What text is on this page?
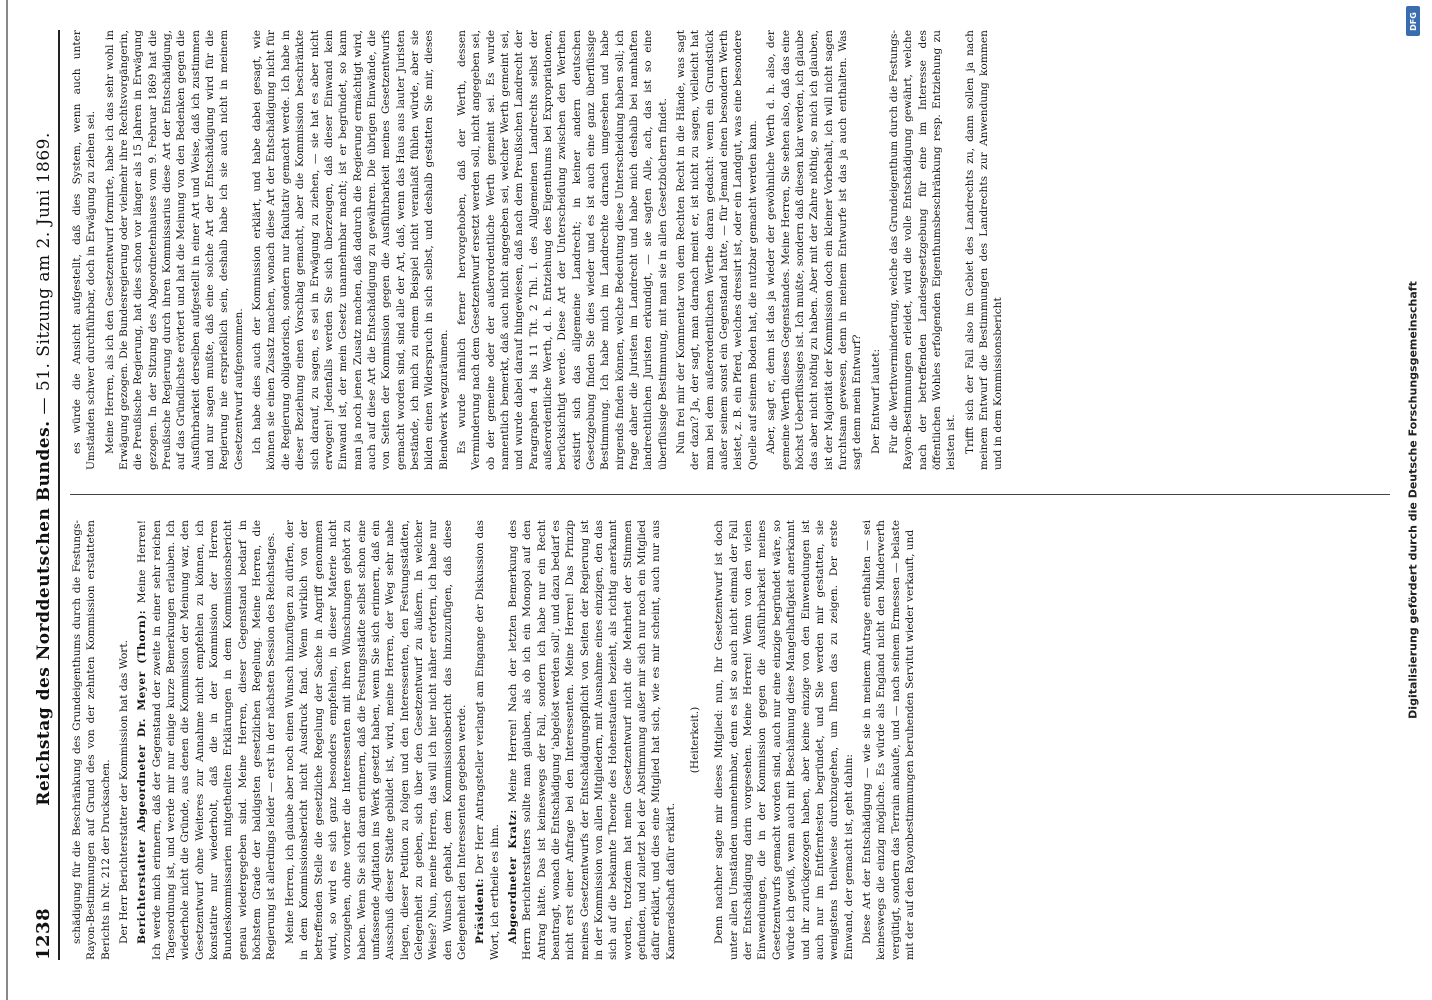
1238
Reichstag des Norddeutschen Bundes. — 51. Sitzung am 2. Juni 1869.

schädigung für die Beschränkung des Grundeigenthums durch die Festungs-Rayon-Bestimmungen auf Grund des von der zehnten Kommission erstatteten Berichts in Nr. 212 der Drucksachen. Der Herr Berichterstatter der Kommission hat das Wort. Berichterstatter Abgeordneter Dr. Meyer (Thorn): Meine Herren! Ich werde mich erinnern, daß der Gegenstand der zweite in einer sehr reichen Tagesordnung ist, und werde mir nur einige kurze Bemerkungen erlauben. Ich wiederhole nicht die Gründe, aus denen die Kommission der Meinung war, den Gesetzentwurf ohne Weiteres zur Annahme nicht empfehlen zu können, ich konstatire nur wiederholt, daß die in der Kommission der Herren Bundeskommissarien mitgetheilten Erklärungen in dem Kommissionsbericht genau wiedergegeben sind. Meine Herren, dieser Gegenstand bedarf in höchstem Grade der baldigsten gesetzlichen Regelung. Meine Herren, die Regierung ist allerdings leider — erst in der nächsten Session des Reichstages. Meine Herren, ich glaube aber noch einen Wunsch hinzufügen zu dürfen, der in dem Kommissionsbericht nicht Ausdruck fand. Wenn wirklich von der betreffenden Stelle die gesetzliche Regelung der Sache in Angriff genommen wird, so wird es sich ganz besonders empfehlen, in dieser Materie nicht vorzugehen, ohne vorher die Interessenten mit ihren Wünschungen gehört zu haben. Wenn Sie sich daran erinnern, daß die Festungsstädte selbst schon eine umfassende Agitation ins Werk gesetzt haben, wenn Sie sich erinnern, daß ein Ausschuß dieser Städte gebildet ist, wird, meine Herren, der Weg sehr nahe liegen, dieser Petition zu folgen und den Interessenten, den Festungsstädten, Gelegenheit zu geben, sich über den Gesetzentwurf zu äußern. In welcher Weise? Nun, meine Herren, das will ich hier nicht näher erörtern, ich habe nur den Wunsch gehabt, dem Kommissionsbericht das hinzuzufügen, daß diese Gelegenheit den Interessenten gegeben werde. Präsident: Der Herr Antragsteller verlangt am Eingange der Diskussion das Wort, ich ertheile es ihm. Abgeordneter Kratz: Meine Herren! Nach der letzten Bemerkung des Herrn Berichterstatters sollte man glauben, als ob ich ein Monopol auf den Antrag hätte. Das ist keineswegs der Fall, sondern ich habe nur ein Recht beantragt, wonach die Entschädigung 'abgelöst werden soll', und dazu bedarf es nicht erst einer Anfrage bei den Interessenten. Meine Herren! Das Prinzip meines Gesetzentwurfs der Entschädigungspflicht von Seiten der Regierung ist in der Kommission von allen Mitgliedern, mit Ausnahme eines einzigen, den das sich auf die bekannte Theorie des Hohenstaufen bezieht, als richtig anerkannt worden, trotzdem hat mein Gesetzentwurf nicht die Mehrheit der Stimmen gefunden, und zuletzt bei der Abstimmung außer mir sich nur noch ein Mitglied dafür erklärt, und dies eine Mitglied hat sich, wie es mir scheint, auch nur aus Kameradschaft dafür erklärt.

(Heiterkeit.) Denn nachher sagte mir dieses Mitglied: nun, Ihr Gesetzentwurf ist doch unter allen Umständen unannehmbar, denn es ist so auch nicht einmal der Fall der Entschädigung darin vorgesehen. Meine Herren! Wenn von den vielen Einwendungen, die in der Kommission gegen die Ausführbarkeit meines Gesetzentwurfs gemacht worden sind, auch nur eine einzige begründet wäre, so würde ich gewiß, wenn auch mit Beschämung diese Mangelhaftigkeit anerkannt und ihr zurückgezogen haben, aber keine einzige von den Einwendungen ist auch nur im Entferntesten begründet, und Sie werden mir gestatten, sie wenigstens theilweise durchzugehen, um Ihnen das zu zeigen. Der erste Einwand, der gemacht ist, geht dahin: Diese Art der Entschädigung — wie sie in meinem Antrage enthalten — sei keineswegs die einzig mögliche. Es würde als England nicht den Minderwerth vergütigt, sondern das Terrain ankaufe, und — nach seinem Ermessen — belaste mit der auf den Rayonbestimmungen beruhenden Servitut wieder verkauft, und

es würde die Ansicht aufgestellt, daß dies System, wenn auch unter Umständen schwer durchführbar, doch in Erwägung zu ziehen sei. Meine Herren, als ich den Gesetzentwurf formirte, habe ich das sehr wohl in Erwägung gezogen. Die Bundesregierung oder vielmehr ihre Rechtsvorgängerin, die Preußische Regierung, hat dies schon vor länger als 15 Jahren in Erwägung gezogen. In der Sitzung des Abgeordnetenhauses vom 9. Februar 1869 hat die Preußische Regierung durch ihren Kommissarius diese Art der Entschädigung, auf das Gründlichste erörtert und hat die Meinung von den Bedenken gegen die Ausführbarkeit derselben aufgestellt in einer Art und Weise, daß ich zustimmen und nur sagen mußte, daß eine solche Art der Entschädigung wird für die Regierung nie ersprießlich sein, deshalb habe ich sie auch nicht in meinem Gesetzentwurf aufgenommen. Ich habe dies auch der Kommission erklärt, und habe dabei gesagt, wie können sie einen Zusatz machen, wonach diese Art der Entschädigung nicht für die Regierung obligatorisch, sondern nur fakultativ gemacht werde. Ich habe in dieser Beziehung einen Vorschlag gemacht, aber die Kommission beschränkte sich darauf, zu sagen, es sei in Erwägung zu ziehen, — sie hat es aber nicht erwogen! Jedenfalls werden Sie sich überzeugen, daß dieser Einwand kein Einwand ist, der mein Gesetz unannehmbar macht; ist er begründet, so kann man ja noch jenen Zusatz machen, daß dadurch die Regierung ermächtigt wird, auch auf diese Art die Entschädigung zu gewähren. Die übrigen Einwände, die von Seiten der Kommission gegen die Ausführbarkeit meines Gesetzentwurfs gemacht worden sind, sind alle der Art, daß, wenn das Haus aus lauter Juristen bestände, ich mich zu einem Beispiel nicht veranlaßt fühlen würde, aber sie bilden einen Widerspruch in sich selbst, und deshalb gestatten Sie mir, dieses Blendwerk wegzuräumen. Es wurde nämlich ferner hervorgehoben, daß der Werth, dessen Verminderung nach dem Gesetzentwurf ersetzt werden soll, nicht angegeben sei, ob der gemeine oder der außerordentliche Werth gemeint sei. Es wurde namentlich bemerkt, daß auch nicht angegeben sei, welcher Werth gemeint sei, und wurde dabei darauf hingewiesen, daß nach dem Preußischen Landrecht der Paragraphen 4 bis 11 Tit. 2 Thl. I. des Allgemeinen Landrechts selbst der außerordentliche Werth, d. h. Entziehung des Eigenthums bei Expropriationen, berücksichtigt werde. Diese Art der Unterscheidung zwischen den Werthen existirt sich das allgemeine Landrecht; in keiner andern deutschen Gesetzgebung finden Sie dies wieder und es ist auch eine ganz überflüssige Bestimmung. Ich habe mich im Landrechte darnach umgesehen und habe nirgends finden können, welche Bedeutung diese Unterscheidung haben soll; ich frage daher die Juristen im Landrecht und habe mich deshalb bei namhaften landrechtlichen Juristen erkundigt, — sie sagten Alle, ach, das ist so eine überflüssige Bestimmung, mit man sie in allen Gesetzbüchern findet. Nun frei mir der Kommentar von dem Rechten Recht in die Hände, was sagt der dazu? Ja, der sagt, man darnach meint er, ist nicht zu sagen, vielleicht hat man bei dem außerordentlichen Werthe daran gedacht: wenn ein Grundstück außer seinem sonst ein Gegenstand hatte, — für Jemand einen besondern Werth leistet, z. B. ein Pferd, welches dressirt ist, oder ein Landgut, was eine besondere Quelle auf seinem Boden hat, die nutzbar gemacht werden kann. Aber, sagt er, denn ist das ja wieder der gewöhnliche Werth d. h. also, der gemeine Werth dieses Gegenstandes. Meine Herren, Sie sehen also, daß das eine höchst Ueberflüssiges ist. Ich mußte, sondern daß diesen klar werden, ich glaube das aber nicht nöthig zu haben. Aber mit der Zahre nöthig, so mich ich glauben, ist der Majorität der Kommission doch ein kleiner Vorbehalt, ich will nicht sagen furchtsam gewesen, denn in meinem Entwurfe ist das ja auch enthalten. Was sagt denn mein Entwurf? Der Entwurf lautet: Für die Werthverminderung, welche das Grundeigenthum durch die Festungs-Rayon-Bestimmungen erleidet, wird die volle Entschädigung gewährt, welche nach der betreffenden Landesgesetzgebung für eine im Interesse des öffentlichen Wohles erfolgenden Eigenthumsbeschränkung resp. Entziehung zu leisten ist. Trifft sich der Fall also im Gebiet des Landrechts zu, dann sollen ja nach meinem Entwurf die Bestimmungen des Landrechts zur Anwendung kommen und in dem Kommissionsbericht	Digitalisierung gefördert durch die Deutsche Forschungsgemeinschaft
DFG
